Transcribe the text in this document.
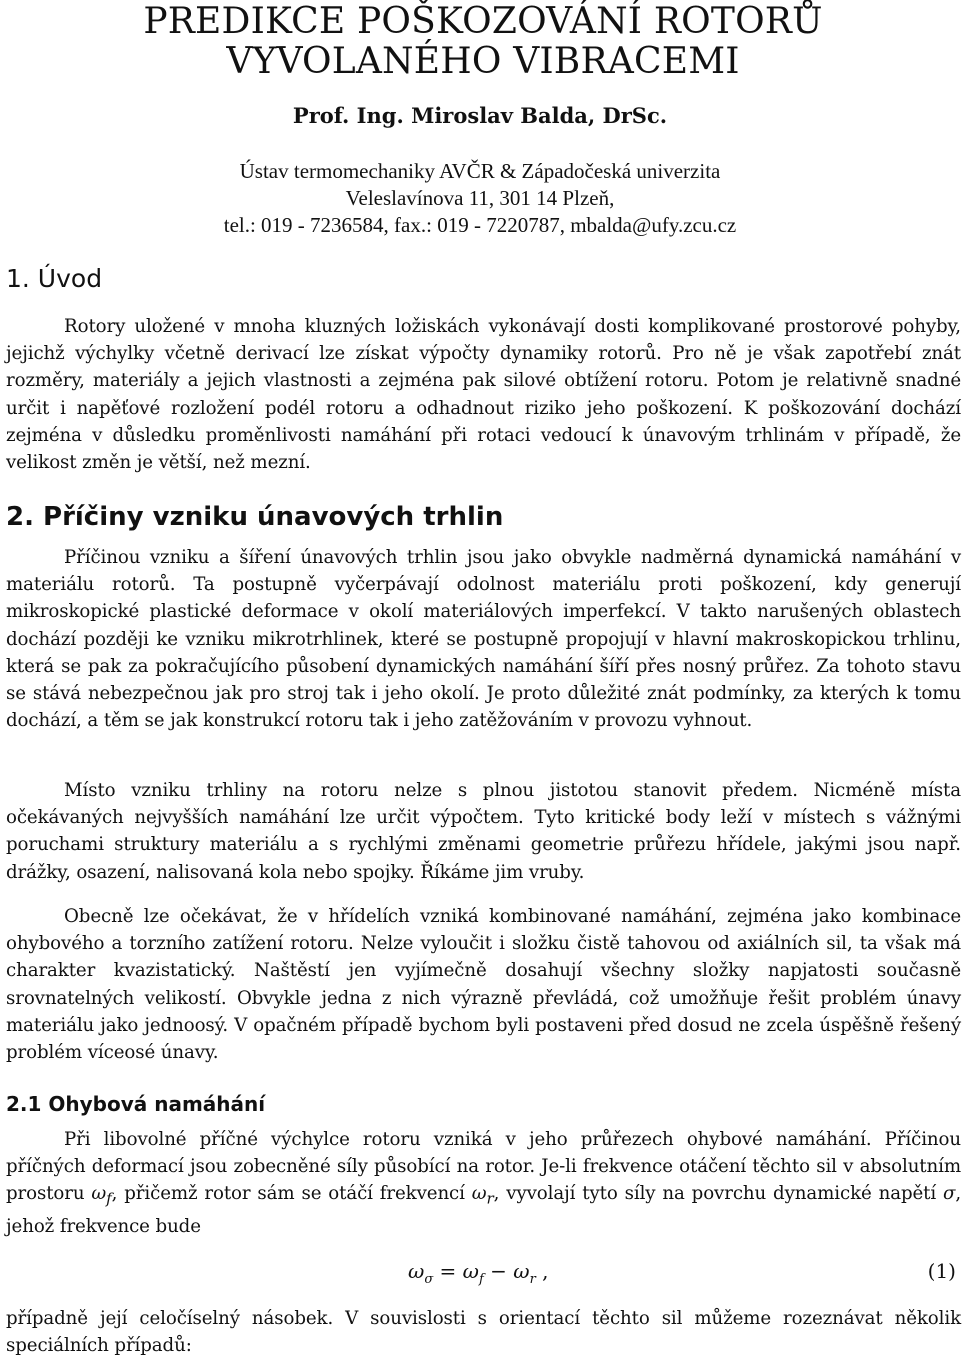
PREDIKCE POŠKOZOVÁNÍ ROTORŮ
VYVOLANÉHO VIBRACEMI
Prof. Ing. Miroslav Balda, DrSc.
Ústav termomechaniky AVČR & Západočeská univerzita
Veleslavínova 11, 301 14 Plzeň,
tel.: 019 - 7236584, fax.: 019 - 7220787, mbalda@ufy.zcu.cz
1. Úvod
Rotory uložené v mnoha kluzných ložiskách vykonávají dosti komplikované prostorové pohyby, jejichž výchylky včetně derivací lze získat výpočty dynamiky rotorů. Pro ně je však zapotřebí znát rozměry, materiály a jejich vlastnosti a zejména pak silové obtížení rotoru. Potom je relativně snadné určit i napěťové rozložení podél rotoru a odhadnout riziko jeho poškození. K poškozování dochází zejména v důsledku proměnlivosti namáhání při rotaci vedoucí k únavovým trhlinám v případě, že velikost změn je větší, než mezní.
2. Příčiny vzniku únavových trhlin
Příčinou vzniku a šíření únavových trhlin jsou jako obvykle nadměrná dynamická namáhání v materiálu rotorů. Ta postupně vyčerpávají odolnost materiálu proti poškození, kdy generují mikroskopické plastické deformace v okolí materiálových imperfekcí. V takto narušených oblastech dochází později ke vzniku mikrotrhlinek, které se postupně propojují v hlavní makroskopickou trhlinu, která se pak za pokračujícího působení dynamických namáhání šíří přes nosný průřez. Za tohoto stavu se stává nebezpečnou jak pro stroj tak i jeho okolí. Je proto důležité znát podmínky, za kterých k tomu dochází, a těm se jak konstrukcí rotoru tak i jeho zatěžováním v provozu vyhnout.
Místo vzniku trhliny na rotoru nelze s plnou jistotou stanovit předem. Nicméně místa očekávaných nejvyšších namáhání lze určit výpočtem. Tyto kritické body leží v místech s vážnými poruchami struktury materiálu a s rychlými změnami geometrie průřezu hřídele, jakými jsou např. drážky, osazení, nalisovaná kola nebo spojky. Říkáme jim vruby.
Obecně lze očekávat, že v hřídelích vzniká kombinované namáhání, zejména jako kombinace ohybového a torzního zatížení rotoru. Nelze vyloučit i složku čistě tahovou od axiálních sil, ta však má charakter kvazistatický. Naštěstí jen vyjímečně dosahují všechny složky napjatosti současně srovnatelných velikostí. Obvykle jedna z nich výrazně převládá, což umožňuje řešit problém únavy materiálu jako jednoosý. V opačném případě bychom byli postaveni před dosud ne zcela úspěšně řešený problém víceosé únavy.
2.1 Ohybová namáhání
Při libovolné příčné výchylce rotoru vzniká v jeho průřezech ohybové namáhání. Příčinou příčných deformací jsou zobecněné síly působící na rotor. Je-li frekvence otáčení těchto sil v absolutním prostoru $\omega_f$, přičemž rotor sám se otáčí frekvencí $\omega_r$, vyvolají tyto síly na povrchu dynamické napětí σ, jehož frekvence bude
$\omega_\sigma = \omega_f - \omega_r$ ,	(1)
případně její celočíselný násobek. V souvislosti s orientací těchto sil můžeme rozeznávat několik speciálních případů:
